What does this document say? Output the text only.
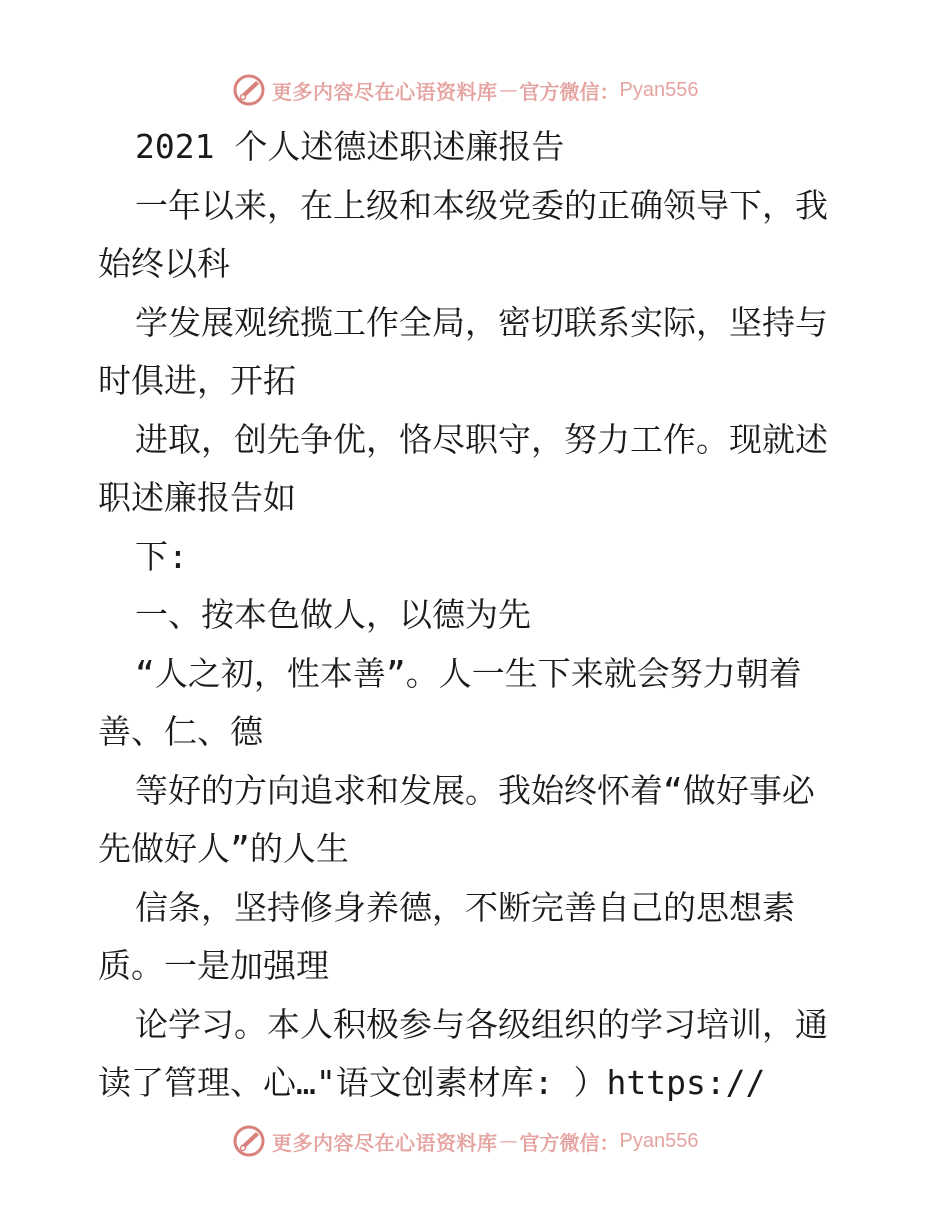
更多内容尽在心语资料库 — 官方微信： Pyan556
2021 个人述德述职述廉报告
一年以来，在上级和本级党委的正确领导下，我
始终以科
学发展观统揽工作全局，密切联系实际，坚持与
时俱进，开拓
进取，创先争优，恪尽职守，努力工作。现就述
职述廉报告如
下:
一、按本色做人，以德为先
“人之初，性本善”。人一生下来就会努力朝着
善、仁、德
等好的方向追求和发展。我始终怀着“做好事必
先做好人”的人生
信条，坚持修身养德，不断完善自己的思想素
质。一是加强理
论学习。本人积极参与各级组织的学习培训，通
读了管理、心…"语文创素材库: ）https://
更多内容尽在心语资料库 — 官方微信： Pyan556
